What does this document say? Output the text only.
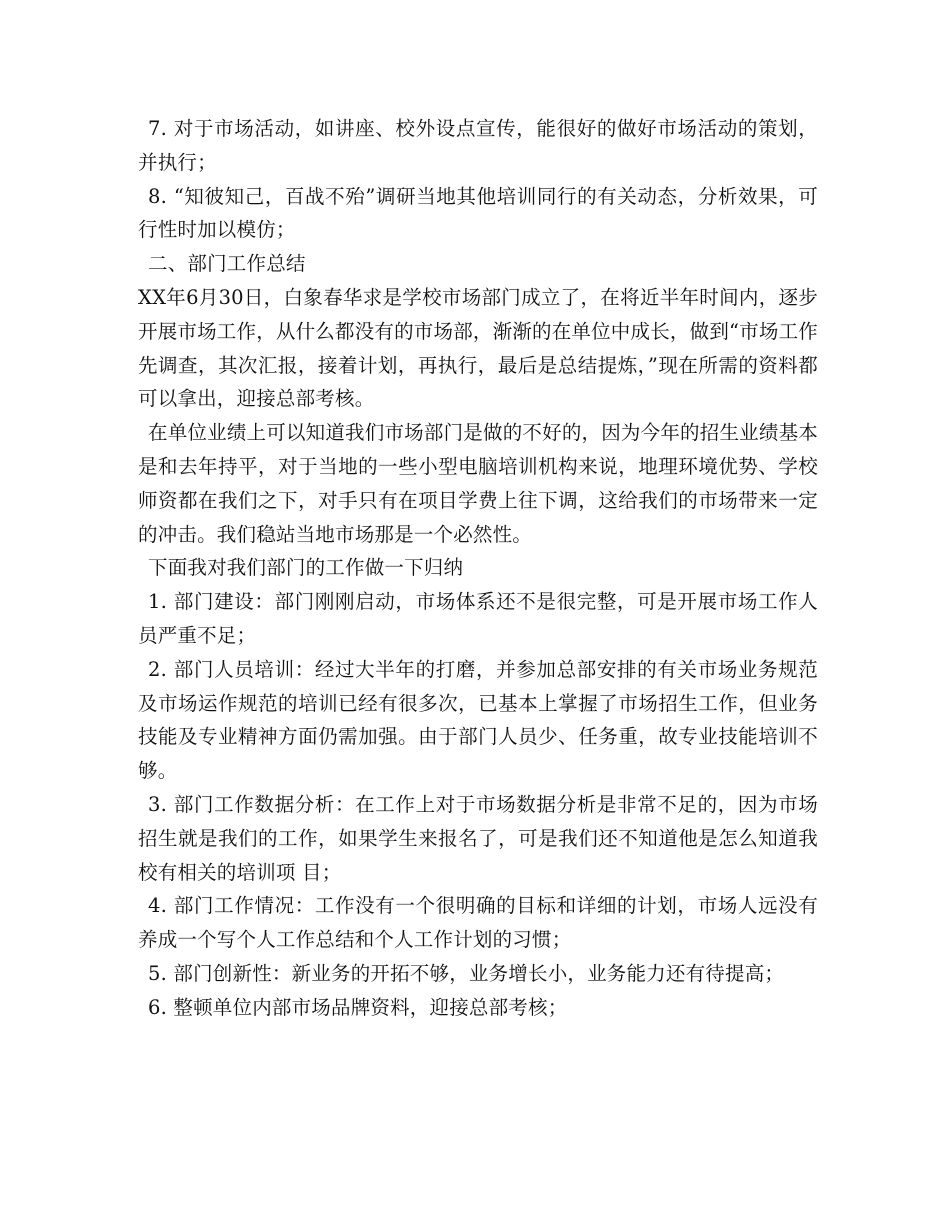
7. 对于市场活动，如讲座、校外设点宣传，能很好的做好市场活动的策划，并执行；

8. “知彼知己，百战不殆”调研当地其他培训同行的有关动态，分析效果，可行性时加以模仿；

二、部门工作总结

XX年6月30日，白象春华求是学校市场部门成立了，在将近半年时间内，逐步开展市场工作，从什么都没有的市场部，渐渐的在单位中成长，做到“市场工作先调查，其次汇报，接着计划，再执行，最后是总结提炼，”现在所需的资料都可以拿出，迎接总部考核。

在单位业绩上可以知道我们市场部门是做的不好的，因为今年的招生业绩基本是和去年持平，对于当地的一些小型电脑培训机构来说，地理环境优势、学校师资都在我们之下，对手只有在项目学费上往下调，这给我们的市场带来一定的冲击。我们稳站当地市场那是一个必然性。

下面我对我们部门的工作做一下归纳

1. 部门建设：部门刚刚启动，市场体系还不是很完整，可是开展市场工作人员严重不足；

2. 部门人员培训：经过大半年的打磨，并参加总部安排的有关市场业务规范及市场运作规范的培训已经有很多次，已基本上掌握了市场招生工作，但业务技能及专业精神方面仍需加强。由于部门人员少、任务重，故专业技能培训不够。

3. 部门工作数据分析：在工作上对于市场数据分析是非常不足的，因为市场招生就是我们的工作，如果学生来报名了，可是我们还不知道他是怎么知道我校有相关的培训项 目；

4. 部门工作情况：工作没有一个很明确的目标和详细的计划，市场人远没有养成一个写个人工作总结和个人工作计划的习惯；

5. 部门创新性：新业务的开拓不够，业务增长小，业务能力还有待提高；

6. 整顿单位内部市场品牌资料，迎接总部考核；
